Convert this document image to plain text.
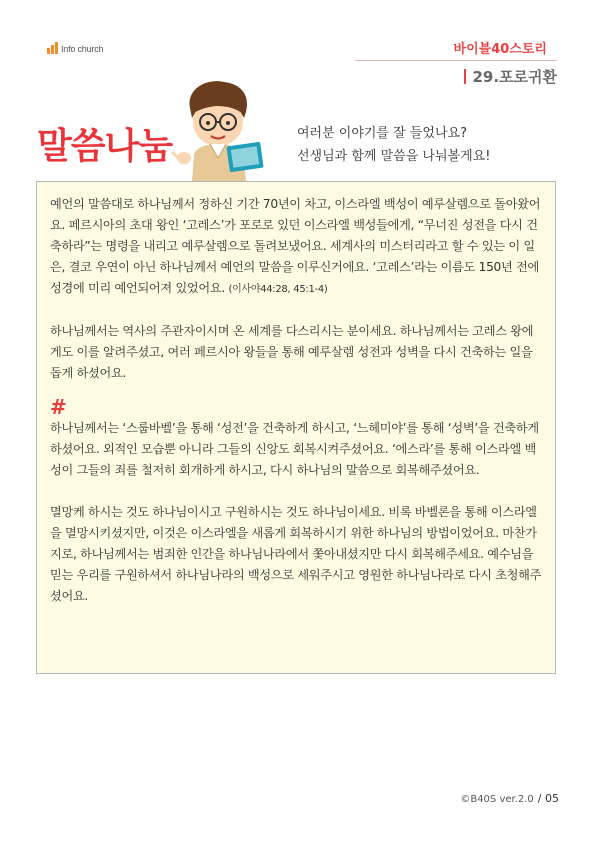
Info church	바이블40스토리
29.포로귀환
말씀나눔	여러분 이야기를 잘 들었나요?
선생님과 함께 말씀을 나눠볼게요!

예언의 말씀대로 하나님께서 정하신 기간 70년이 차고, 이스라엘 백성이 예루살렘으로 돌아왔어요. 페르시아의 초대 왕인 ‘고레스’가 포로로 있던 이스라엘 백성들에게, “무너진 성전을 다시 건축하라”는 명령을 내리고 예루살렘으로 돌려보냈어요. 세계사의 미스터리라고 할 수 있는 이 일은, 결코 우연이 아닌 하나님께서 예언의 말씀을 이루신거에요. ‘고레스’라는 이름도 150년 전에 성경에 미리 예언되어져 있었어요. (이사야44:28, 45:1-4)

하나님께서는 역사의 주관자이시며 온 세계를 다스리시는 분이세요. 하나님께서는 고레스 왕에게도 이를 알려주셨고, 여러 페르시아 왕들을 통해 예루살렘 성전과 성벽을 다시 건축하는 일을 돕게 하셨어요.

#

하나님께서는 ‘스룹바벨’을 통해 ‘성전’을 건축하게 하시고, ‘느헤미야’를 통해 ‘성벽’을 건축하게 하셨어요. 외적인 모습뿐 아니라 그들의 신앙도 회복시켜주셨어요. ‘에스라’를 통해 이스라엘 백성이 그들의 죄를 철저히 회개하게 하시고, 다시 하나님의 말씀으로 회복해주셨어요.

멸망케 하시는 것도 하나님이시고 구원하시는 것도 하나님이세요. 비록 바벨론을 통해 이스라엘을 멸망시키셨지만, 이것은 이스라엘을 새롭게 회복하시기 위한 하나님의 방법이었어요. 마찬가지로, 하나님께서는 범죄한 인간을 하나님나라에서 쫓아내셨지만 다시 회복해주세요. 예수님을 믿는 우리를 구원하셔서 하나님나라의 백성으로 세워주시고 영원한 하나님나라로 다시 초청해주셨어요.

©B40S ver.2.0 / 05
